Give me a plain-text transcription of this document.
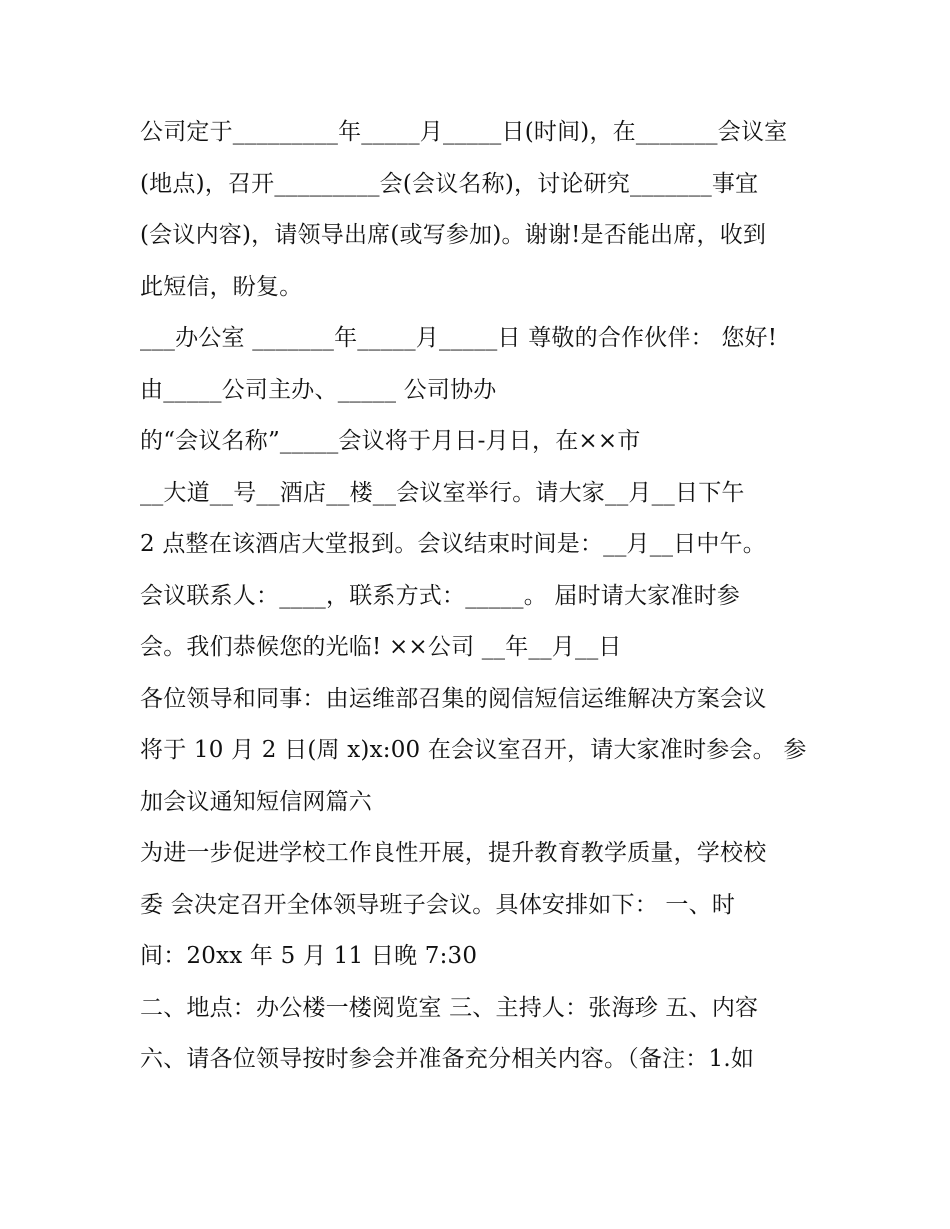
公司定于_________年_____月_____日(时间)，在_______会议室
(地点)，召开_________会(会议名称)，讨论研究_______事宜
(会议内容)，请领导出席(或写参加)。谢谢!是否能出席，收到
此短信，盼复。
___办公室 _______年_____月_____日 尊敬的合作伙伴： 您好!
由_____公司主办、_____ 公司协办
的“会议名称”_____会议将于月日-月日，在××市
__大道__号__酒店__楼__会议室举行。请大家__月__日下午
2 点整在该酒店大堂报到。会议结束时间是：__月__日中午。
会议联系人：____，联系方式：_____。 届时请大家准时参
会。我们恭候您的光临! ××公司 __年__月__日
各位领导和同事：由运维部召集的阅信短信运维解决方案会议
将于 10 月 2 日(周 x)x:00 在会议室召开，请大家准时参会。 参
加会议通知短信网篇六
为进一步促进学校工作良性开展，提升教育教学质量，学校校
委 会决定召开全体领导班子会议。具体安排如下： 一、时
间：20xx 年 5 月 11 日晚 7:30
二、地点：办公楼一楼阅览室 三、主持人：张海珍 五、内容
六、请各位领导按时参会并准备充分相关内容。（备注：1.如
